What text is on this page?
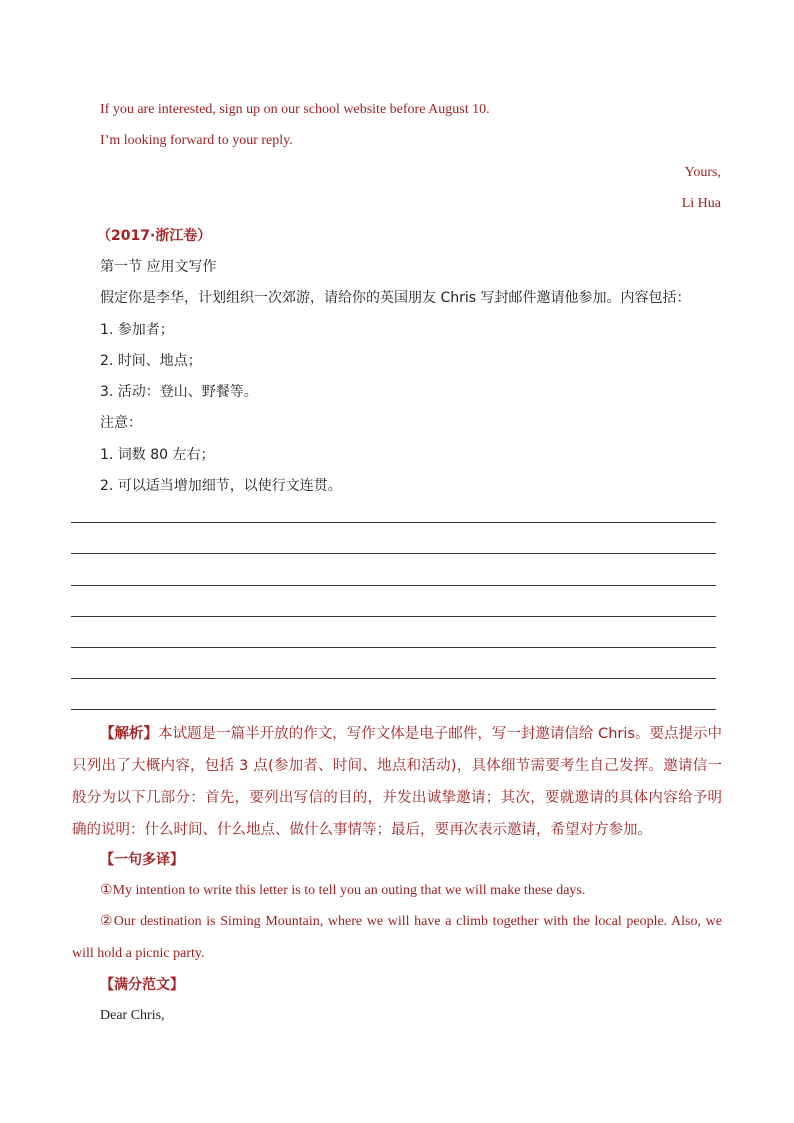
If you are interested, sign up on our school website before August 10.
I’m looking forward to your reply.
Yours,
Li Hua
（2017·浙江卷）
第一节 应用文写作
假定你是李华，计划组织一次郊游，请给你的英国朋友 Chris 写封邮件邀请他参加。内容包括：
1. 参加者；
2. 时间、地点；
3. 活动：登山、野餐等。
注意：
1. 词数 80 左右；
2. 可以适当增加细节，以使行文连贯。
【解析】本试题是一篇半开放的作文，写作文体是电子邮件，写一封邀请信给 Chris。要点提示中只列出了大概内容，包括 3 点(参加者、时间、地点和活动)，具体细节需要考生自己发挥。邀请信一般分为以下几部分：首先，要列出写信的目的，并发出诚挚邀请；其次，要就邀请的具体内容给予明确的说明：什么时间、什么地点、做什么事情等；最后，要再次表示邀请，希望对方参加。
【一句多译】
①My intention to write this letter is to tell you an outing that we will make these days.
②Our destination is Siming Mountain, where we will have a climb together with the local people. Also, we will hold a picnic party.
【满分范文】
Dear Chris,
